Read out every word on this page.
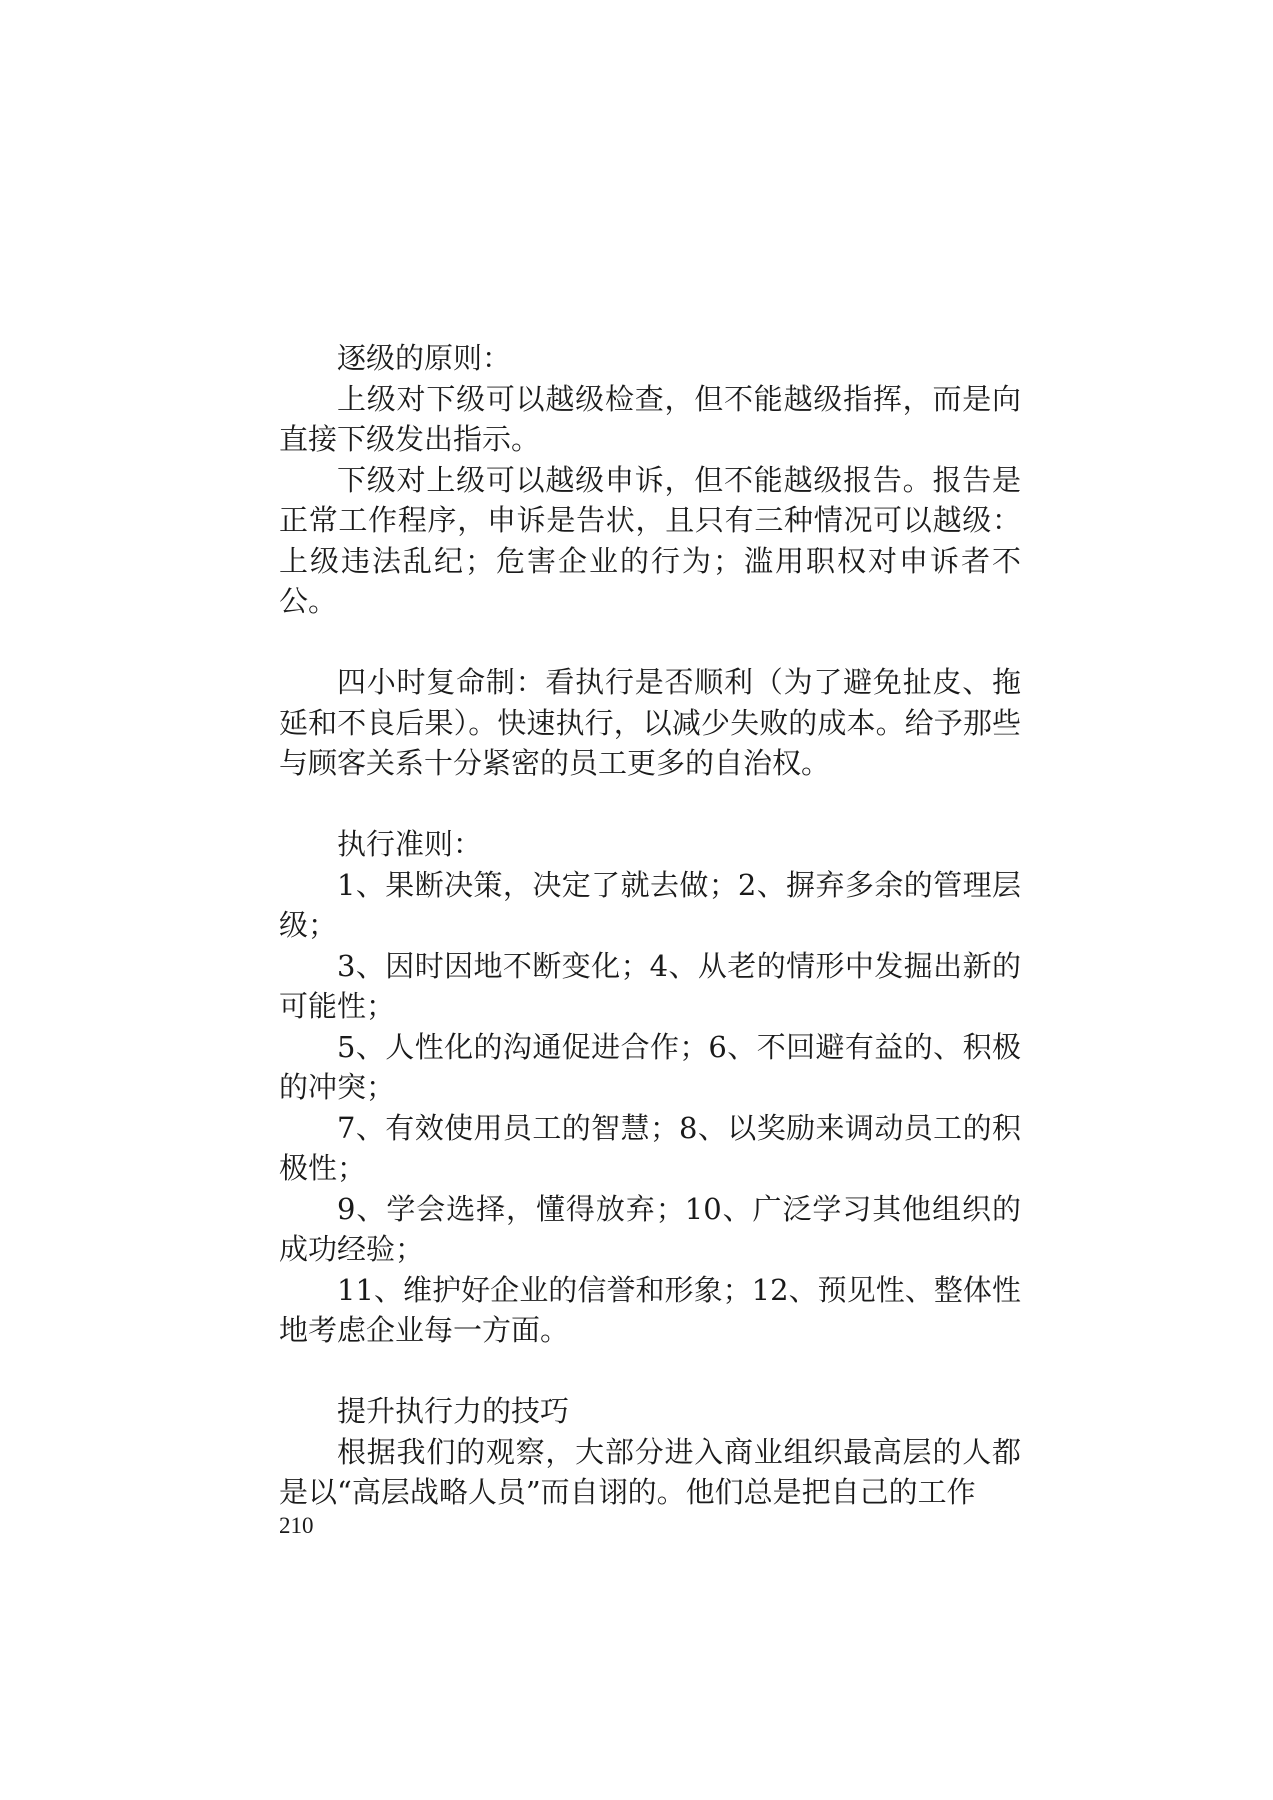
逐级的原则：

上级对下级可以越级检查，但不能越级指挥，而是向直接下级发出指示。

下级对上级可以越级申诉，但不能越级报告。报告是正常工作程序，申诉是告状，且只有三种情况可以越级：上级违法乱纪；危害企业的行为；滥用职权对申诉者不公。

四小时复命制：看执行是否顺利（为了避免扯皮、拖延和不良后果）。快速执行，以减少失败的成本。给予那些与顾客关系十分紧密的员工更多的自治权。

执行准则：

1、果断决策，决定了就去做；2、摒弃多余的管理层级；

3、因时因地不断变化；4、从老的情形中发掘出新的可能性；

5、人性化的沟通促进合作；6、不回避有益的、积极的冲突；

7、有效使用员工的智慧；8、以奖励来调动员工的积极性；

9、学会选择，懂得放弃；10、广泛学习其他组织的成功经验；

11、维护好企业的信誉和形象；12、预见性、整体性地考虑企业每一方面。

提升执行力的技巧

根据我们的观察，大部分进入商业组织最高层的人都是以“高层战略人员”而自诩的。他们总是把自己的工作

210
